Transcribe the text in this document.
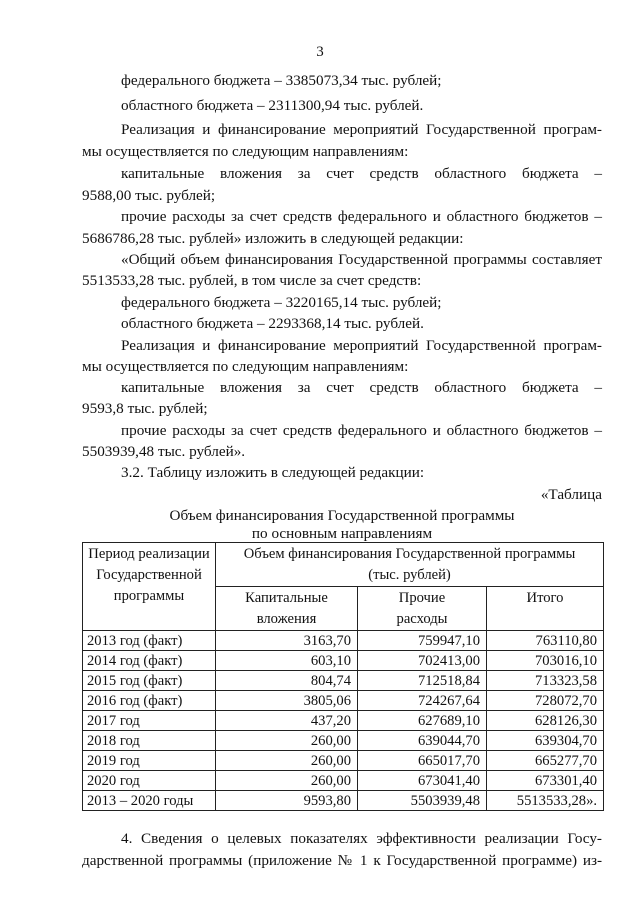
3
федерального бюджета – 3385073,34 тыс. рублей;
областного бюджета – 2311300,94 тыс. рублей.
Реализация и финансирование мероприятий Государственной програм-
мы осуществляется по следующим направлениям:
капитальные вложения за счет средств областного бюджета –
9588,00 тыс. рублей;
прочие расходы за счет средств федерального и областного бюджетов –
5686786,28 тыс. рублей» изложить в следующей редакции:
«Общий объем финансирования Государственной программы составляет
5513533,28 тыс. рублей, в том числе за счет средств:
федерального бюджета – 3220165,14 тыс. рублей;
областного бюджета – 2293368,14 тыс. рублей.
Реализация и финансирование мероприятий Государственной програм-
мы осуществляется по следующим направлениям:
капитальные вложения за счет средств областного бюджета –
9593,8 тыс. рублей;
прочие расходы за счет средств федерального и областного бюджетов –
5503939,48 тыс. рублей».
3.2. Таблицу изложить в следующей редакции:
«Таблица
Объем финансирования Государственной программы
по основным направлениям
Период реализации Государственной программы	Объем финансирования Государственной программы (тыс. рублей)		
	Капитальные вложения	Прочие расходы	Итого
2013 год (факт)	3163,70	759947,10	763110,80
2014 год (факт)	603,10	702413,00	703016,10
2015 год (факт)	804,74	712518,84	713323,58
2016 год (факт)	3805,06	724267,64	728072,70
2017 год	437,20	627689,10	628126,30
2018 год	260,00	639044,70	639304,70
2019 год	260,00	665017,70	665277,70
2020 год	260,00	673041,40	673301,40
2013 – 2020 годы	9593,80	5503939,48	5513533,28».
4. Сведения о целевых показателях эффективности реализации Госу-
дарственной программы (приложение № 1 к Государственной программе) из-
